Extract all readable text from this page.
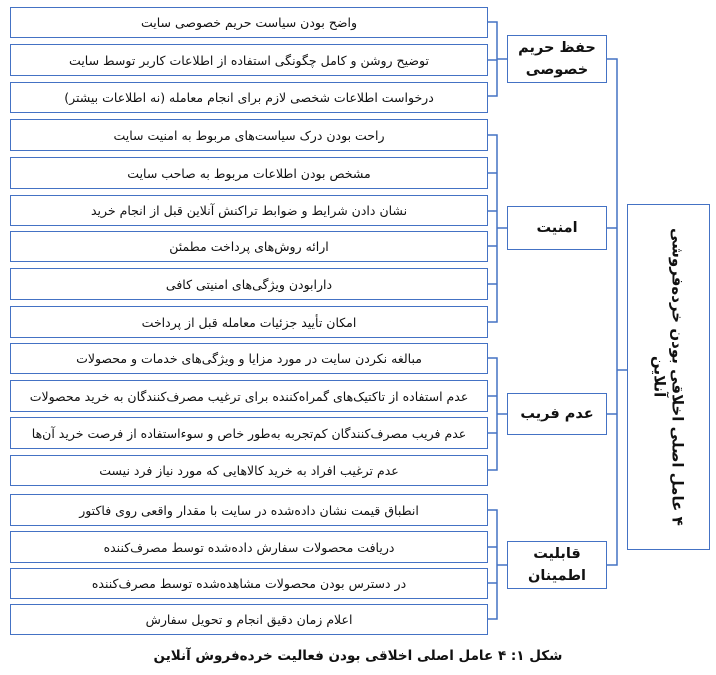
۴ عامل اصلی اخلاقی بودن خرده‌فروشی آنلاین
حفظ حریم خصوصی
امنیت
عدم فریب
قابلیت اطمینان
واضح بودن سیاست حریم خصوصی سایت
توضیح روشن و کامل چگونگی استفاده از اطلاعات کاربر توسط سایت
درخواست اطلاعات شخصی لازم برای انجام معامله (نه اطلاعات بیشتر)
راحت بودن درک سیاست‌های مربوط به امنیت سایت
مشخص بودن اطلاعات مربوط به صاحب سایت
نشان دادن شرایط و ضوابط تراکنش آنلاین قبل از انجام خرید
ارائه روش‌های پرداخت مطمئن
دارابودن ویژگی‌های امنیتی کافی
امکان تأیید جزئیات معامله قبل از پرداخت
مبالغه نکردن سایت در مورد مزایا و ویژگی‌های خدمات و محصولات
عدم استفاده از تاکتیک‌های گمراه‌کننده برای ترغیب مصرف‌کنندگان به خرید محصولات
عدم فریب مصرف‌کنندگان کم‌تجربه به‌طور خاص و سوءاستفاده از فرصت خرید آن‌ها
عدم ترغیب افراد به خرید کالاهایی که مورد نیاز فرد نیست
انطباق قیمت نشان داده‌شده در سایت با مقدار واقعی روی فاکتور
دریافت محصولات سفارش داده‌شده توسط مصرف‌کننده
در دسترس بودن محصولات مشاهده‌شده توسط مصرف‌کننده
اعلام زمان دقیق انجام و تحویل سفارش
شکل ۱: ۴ عامل اصلی اخلاقی بودن فعالیت خرده‌فروش آنلاین
